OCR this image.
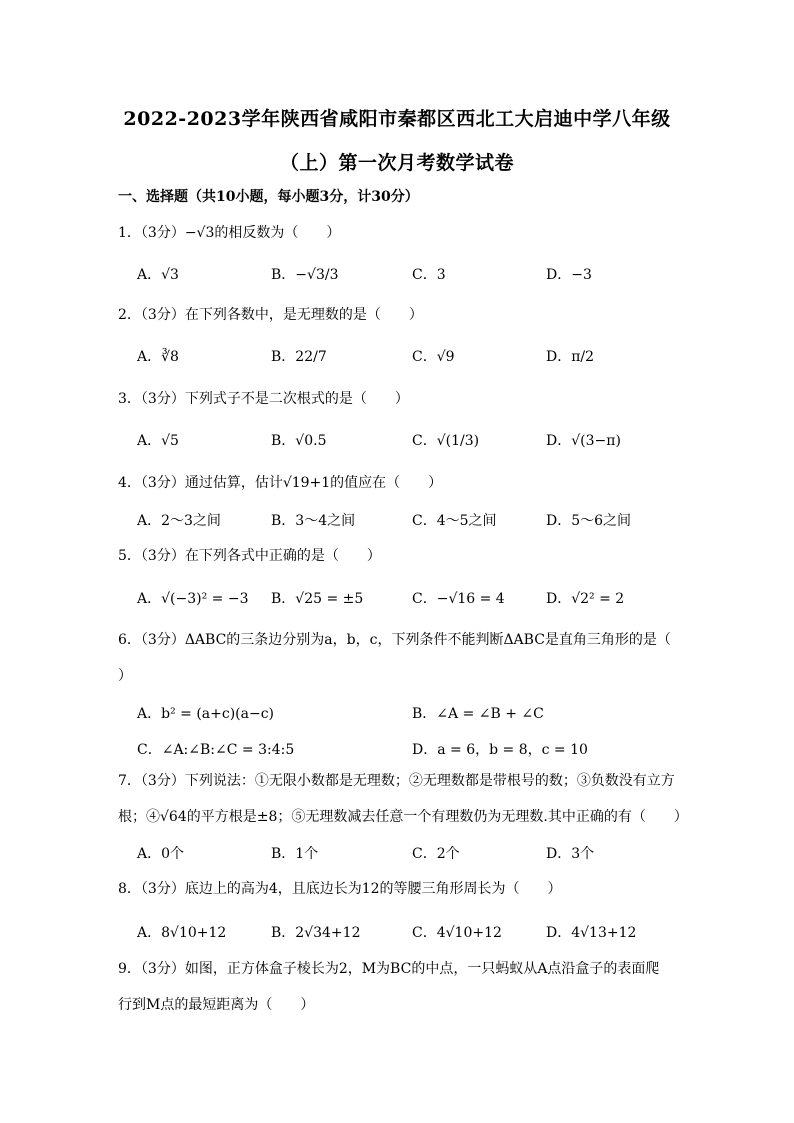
2022-2023学年陕西省咸阳市秦都区西北工大启迪中学八年级
（上）第一次月考数学试卷
一、选择题（共10小题，每小题3分，计30分）
1．（3分）−√3的相反数为（　　）
A．√3	B．−√3/3	C．3	D．−3
2．（3分）在下列各数中，是无理数的是（　　）
A．∛8	B．22/7	C．√9	D．π/2
3．（3分）下列式子不是二次根式的是（　　）
A．√5	B．√0.5	C．√(1/3)	D．√(3−π)
4．（3分）通过估算，估计√19+1的值应在（　　）
A．2～3之间	B．3～4之间	C．4～5之间	D．5～6之间
5．（3分）在下列各式中正确的是（　　）
A．√(−3)² = −3 B．√25 = ±5	C．−√16 = 4	D．√2² = 2
6．（3分）ΔABC的三条边分别为a，b，c，下列条件不能判断ΔABC是直角三角形的是（
）
A．b² = (a+c)(a−c)	B．∠A = ∠B + ∠C
C．∠A:∠B:∠C = 3:4:5	D．a = 6，b = 8，c = 10
7．（3分）下列说法：①无限小数都是无理数；②无理数都是带根号的数；③负数没有立方
根；④√64的平方根是±8；⑤无理数减去任意一个有理数仍为无理数.其中正确的有（　　）
A．0个	B．1个	C．2个	D．3个
8．（3分）底边上的高为4，且底边长为12的等腰三角形周长为（　　）
A．8√10+12	B．2√34+12	C．4√10+12	D．4√13+12
9．（3分）如图，正方体盒子棱长为2，M为BC的中点，一只蚂蚁从A点沿盒子的表面爬
行到M点的最短距离为（　　）
